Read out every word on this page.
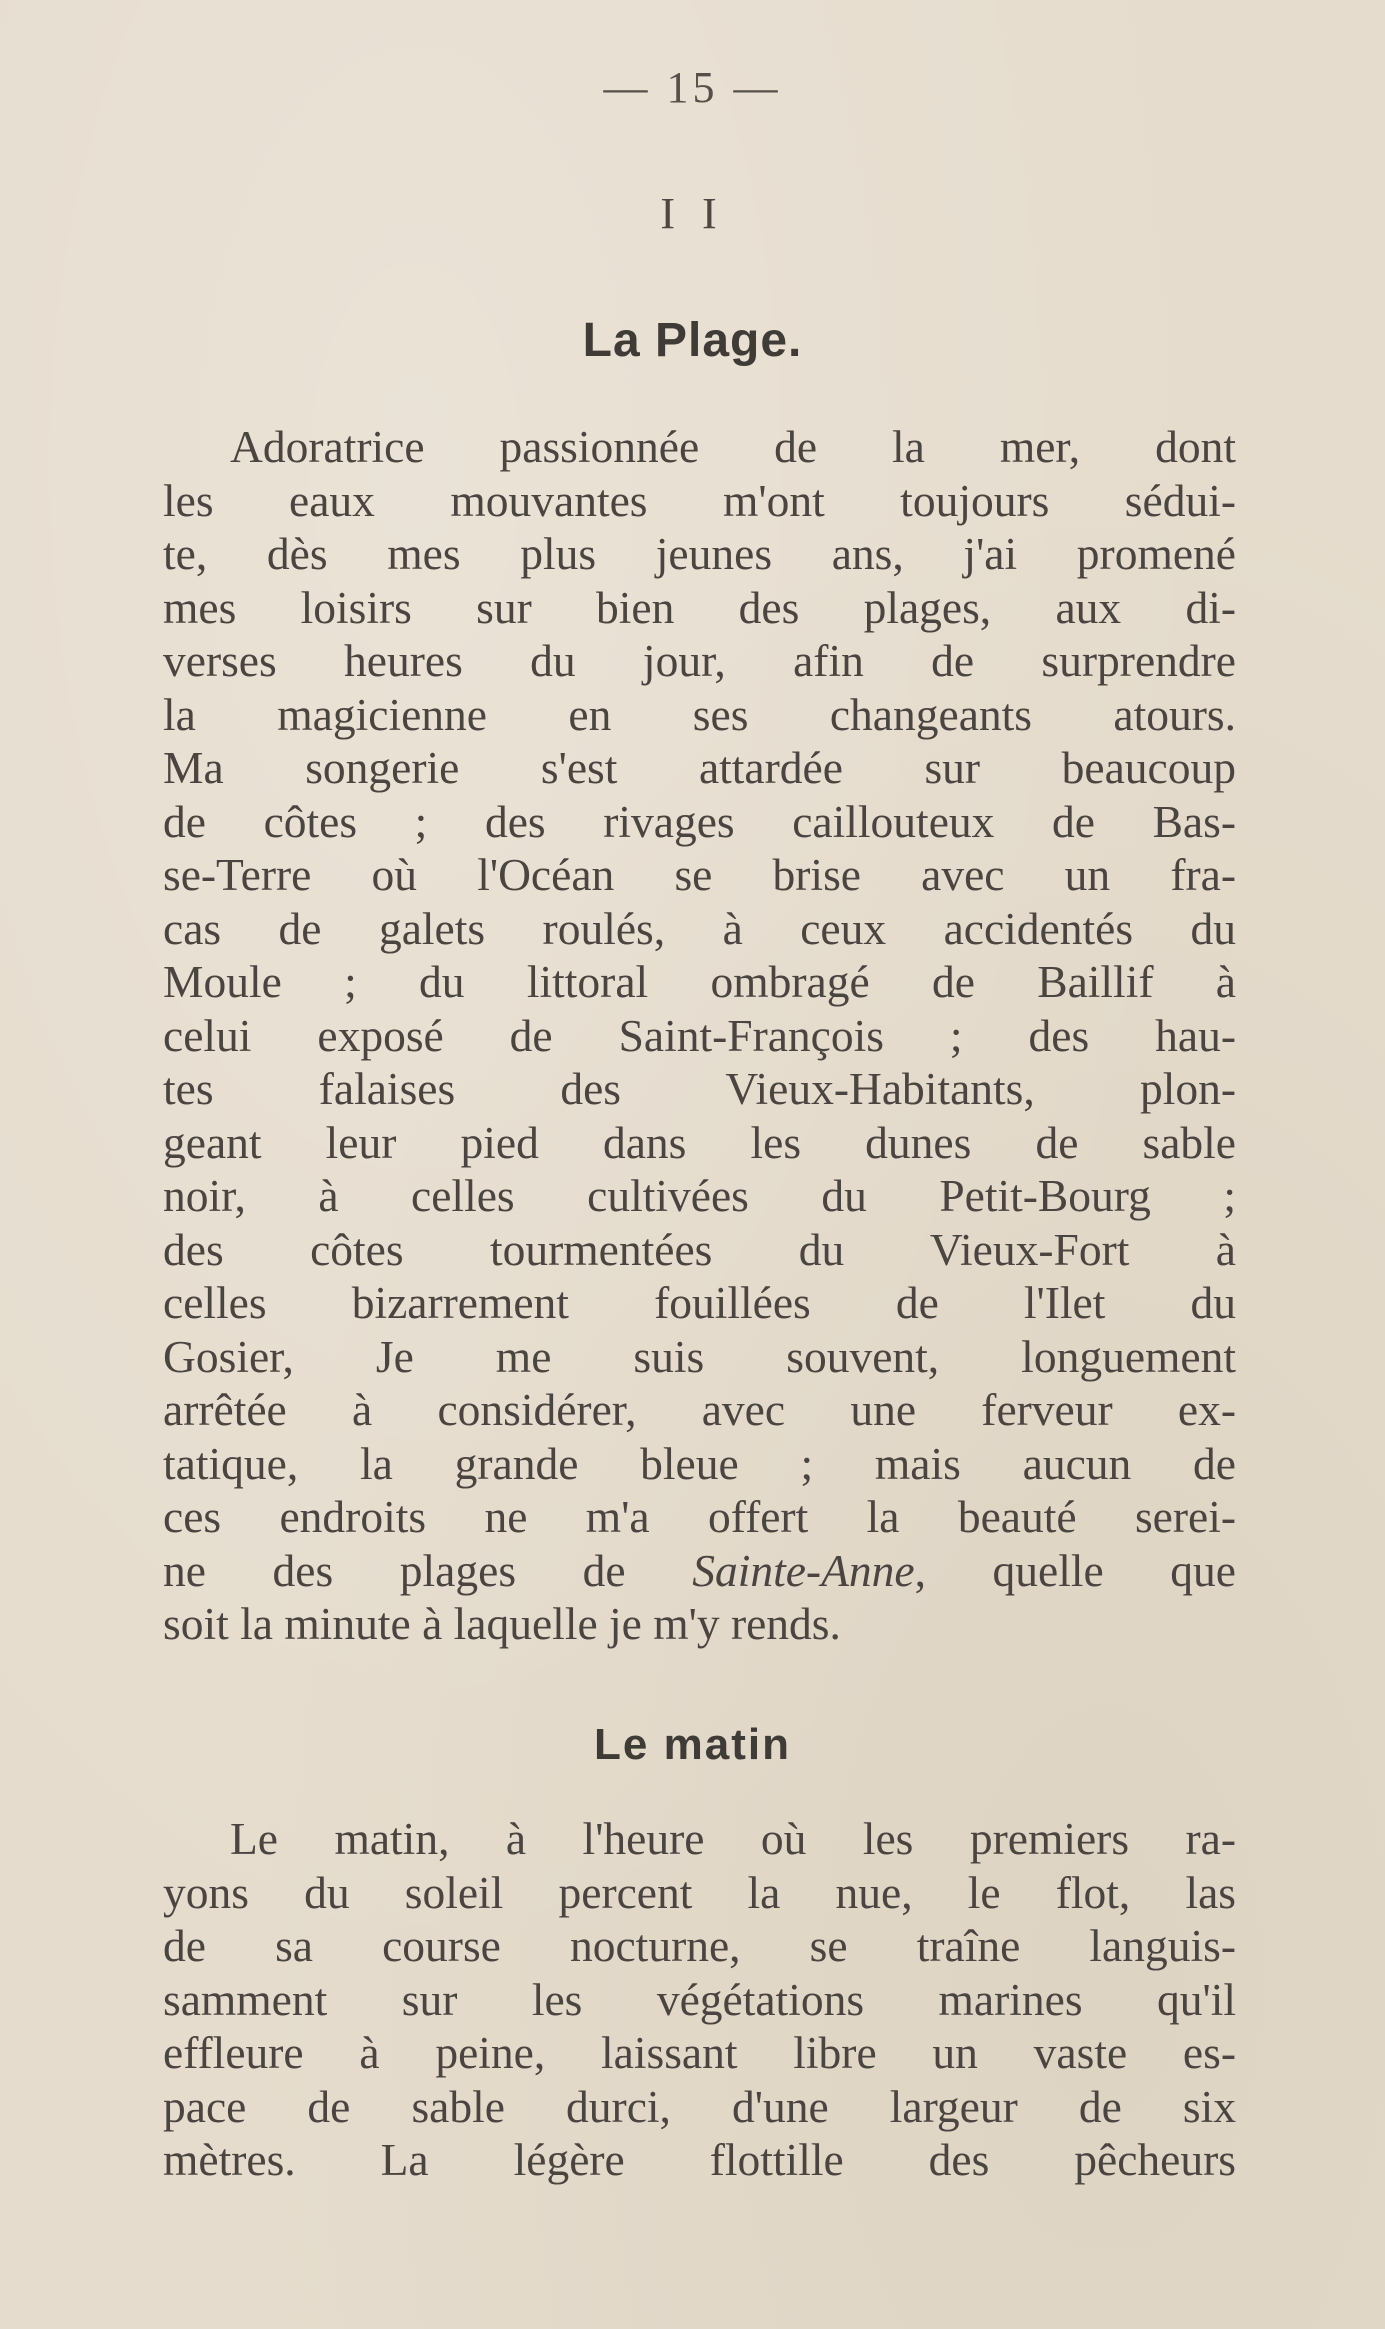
— 15 —
I I
La Plage.
Adoratrice passionnée de la mer, dont
les eaux mouvantes m'ont toujours sédui-
te, dès mes plus jeunes ans, j'ai promené
mes loisirs sur bien des plages, aux di-
verses heures du jour, afin de surprendre
la magicienne en ses changeants atours.
Ma songerie s'est attardée sur beaucoup
de côtes ; des rivages caillouteux de Bas-
se-Terre où l'Océan se brise avec un fra-
cas de galets roulés, à ceux accidentés du
Moule ; du littoral ombragé de Baillif à
celui exposé de Saint-François ; des hau-
tes falaises des Vieux-Habitants, plon-
geant leur pied dans les dunes de sable
noir, à celles cultivées du Petit-Bourg ;
des côtes tourmentées du Vieux-Fort à
celles bizarrement fouillées de l'Ilet du
Gosier, Je me suis souvent, longuement
arrêtée à considérer, avec une ferveur ex-
tatique, la grande bleue ; mais aucun de
ces endroits ne m'a offert la beauté serei-
ne des plages de Sainte-Anne, quelle que
soit la minute à laquelle je m'y rends.
Le matin
Le matin, à l'heure où les premiers ra-
yons du soleil percent la nue, le flot, las
de sa course nocturne, se traîne languis-
samment sur les végétations marines qu'il
effleure à peine, laissant libre un vaste es-
pace de sable durci, d'une largeur de six
mètres. La légère flottille des pêcheurs
